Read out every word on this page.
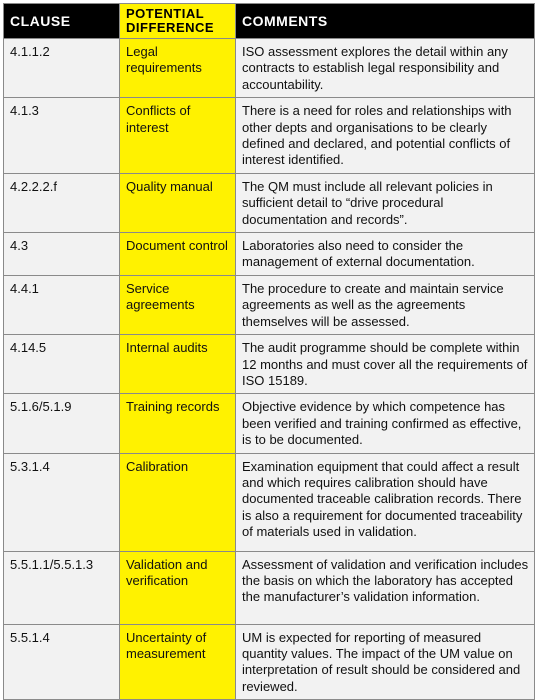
CLAUSE	POTENTIAL DIFFERENCE	COMMENTS
4.1.1.2	Legal requirements	ISO assessment explores the detail within any contracts to establish legal responsibility and accountability.
4.1.3	Conflicts of interest	There is a need for roles and relationships with other depts and organisations to be clearly defined and declared, and potential conflicts of interest identified.
4.2.2.2.f	Quality manual	The QM must include all relevant policies in sufficient detail to “drive procedural documentation and records”.
4.3	Document control	Laboratories also need to consider the management of external documentation.
4.4.1	Service agreements	The procedure to create and maintain service agreements as well as the agreements themselves will be assessed.
4.14.5	Internal audits	The audit programme should be complete within 12 months and must cover all the requirements of ISO 15189.
5.1.6/5.1.9	Training records	Objective evidence by which competence has been verified and training confirmed as effective, is to be documented.
5.3.1.4	Calibration	Examination equipment that could affect a result and which requires calibration should have documented traceable calibration records. There is also a requirement for documented traceability of materials used in validation.
5.5.1.1/5.5.1.3	Validation and verification	Assessment of validation and verification includes the basis on which the laboratory has accepted the manufacturer’s validation information.
5.5.1.4	Uncertainty of measurement	UM is expected for reporting of measured quantity values. The impact of the UM value on interpretation of result should be considered and reviewed.
